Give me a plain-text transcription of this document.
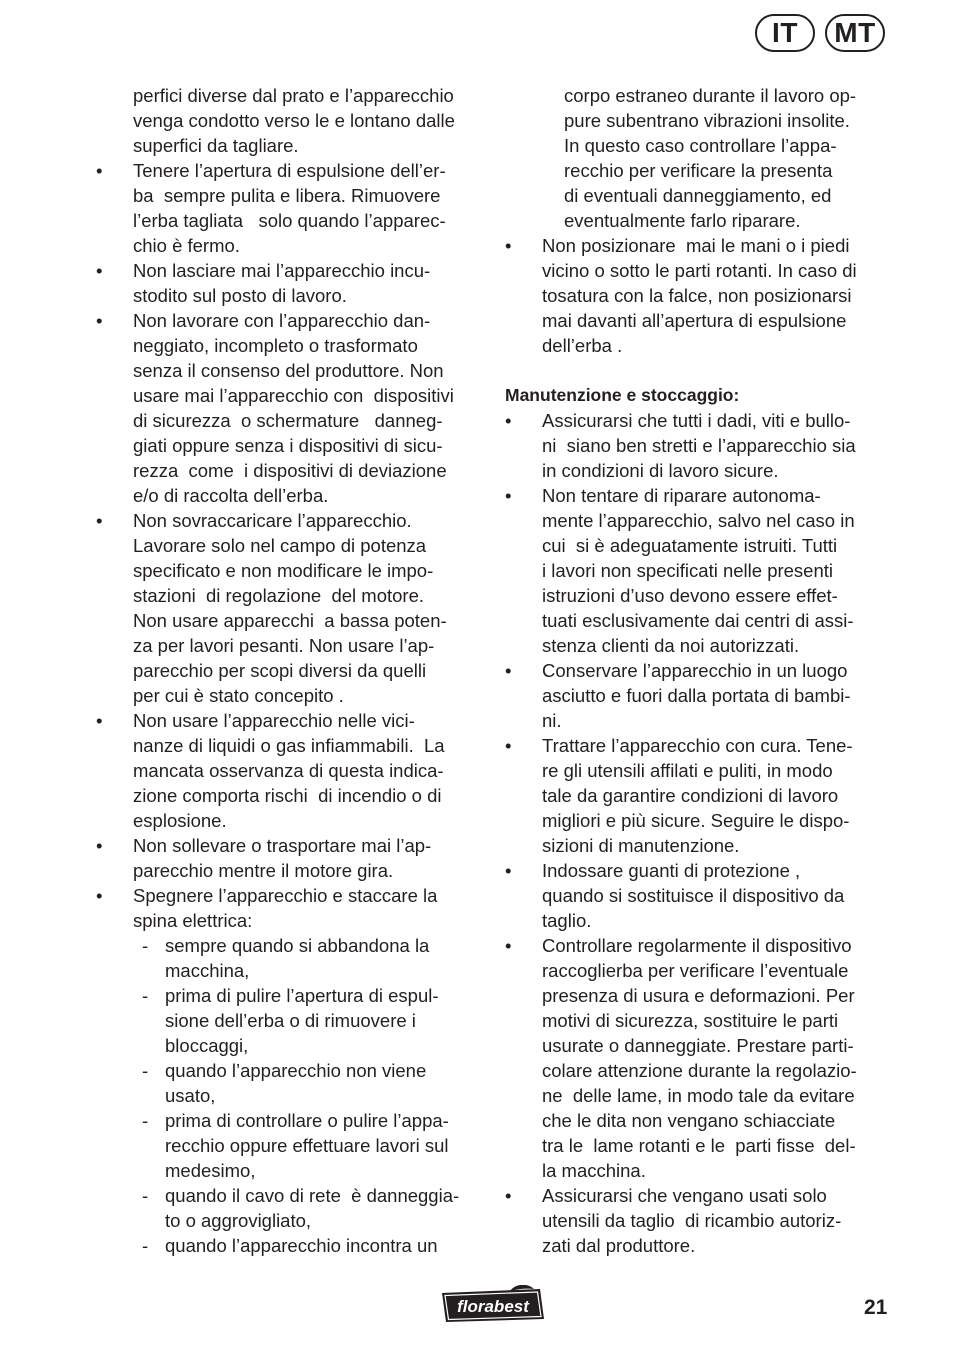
IT	MT
perfici diverse dal prato e l’apparecchio
venga condotto verso le e lontano dalle
superfici da tagliare.
• Tenere l’apertura di espulsione dell’er-
ba  sempre pulita e libera. Rimuovere
l’erba tagliata   solo quando l’apparec-
chio è fermo.
• Non lasciare mai l’apparecchio incu-
stodito sul posto di lavoro.
• Non lavorare con l’apparecchio dan-
neggiato, incompleto o trasformato
senza il consenso del produttore. Non
usare mai l’apparecchio con  dispositivi
di sicurezza  o schermature   danneg-
giati oppure senza i dispositivi di sicu-
rezza  come  i dispositivi di deviazione
e/o di raccolta dell’erba.
• Non sovraccaricare l’apparecchio.
Lavorare solo nel campo di potenza
specificato e non modificare le impo-
stazioni  di regolazione  del motore.
Non usare apparecchi  a bassa poten-
za per lavori pesanti. Non usare l’ap-
parecchio per scopi diversi da quelli
per cui è stato concepito .
• Non usare l’apparecchio nelle vici-
nanze di liquidi o gas infiammabili.  La
mancata osservanza di questa indica-
zione comporta rischi  di incendio o di
esplosione.
• Non sollevare o trasportare mai l’ap-
parecchio mentre il motore gira.
• Spegnere l’apparecchio e staccare la
spina elettrica:
- sempre quando si abbandona la
macchina,
- prima di pulire l’apertura di espul-
sione dell’erba o di rimuovere i
bloccaggi,
- quando l’apparecchio non viene
usato,
- prima di controllare o pulire l’appa-
recchio oppure effettuare lavori sul
medesimo,
- quando il cavo di rete  è danneggia-
to o aggrovigliato,
- quando l’apparecchio incontra un
corpo estraneo durante il lavoro op-
pure subentrano vibrazioni insolite.
In questo caso controllare l’appa-
recchio per verificare la presenta
di eventuali danneggiamento, ed
eventualmente farlo riparare.
• Non posizionare  mai le mani o i piedi
vicino o sotto le parti rotanti. In caso di
tosatura con la falce, non posizionarsi
mai davanti all’apertura di espulsione
dell’erba .
Manutenzione e stoccaggio:
• Assicurarsi che tutti i dadi, viti e bullo-
ni  siano ben stretti e l’apparecchio sia
in condizioni di lavoro sicure.
• Non tentare di riparare autonoma-
mente l’apparecchio, salvo nel caso in
cui  si è adeguatamente istruiti. Tutti
i lavori non specificati nelle presenti
istruzioni d’uso devono essere effet-
tuati esclusivamente dai centri di assi-
stenza clienti da noi autorizzati.
• Conservare l’apparecchio in un luogo
asciutto e fuori dalla portata di bambi-
ni.
• Trattare l’apparecchio con cura. Tene-
re gli utensili affilati e puliti, in modo
tale da garantire condizioni di lavoro
migliori e più sicure. Seguire le dispo-
sizioni di manutenzione.
• Indossare guanti di protezione ,
quando si sostituisce il dispositivo da
taglio.
• Controllare regolarmente il dispositivo
raccoglierba per verificare l’eventuale
presenza di usura e deformazioni. Per
motivi di sicurezza, sostituire le parti
usurate o danneggiate. Prestare parti-
colare attenzione durante la regolazio-
ne  delle lame, in modo tale da evitare
che le dita non vengano schiacciate
tra le  lame rotanti e le  parti fisse  del-
la macchina.
• Assicurarsi che vengano usati solo
utensili da taglio  di ricambio autoriz-
zati dal produttore.
florabest	21
